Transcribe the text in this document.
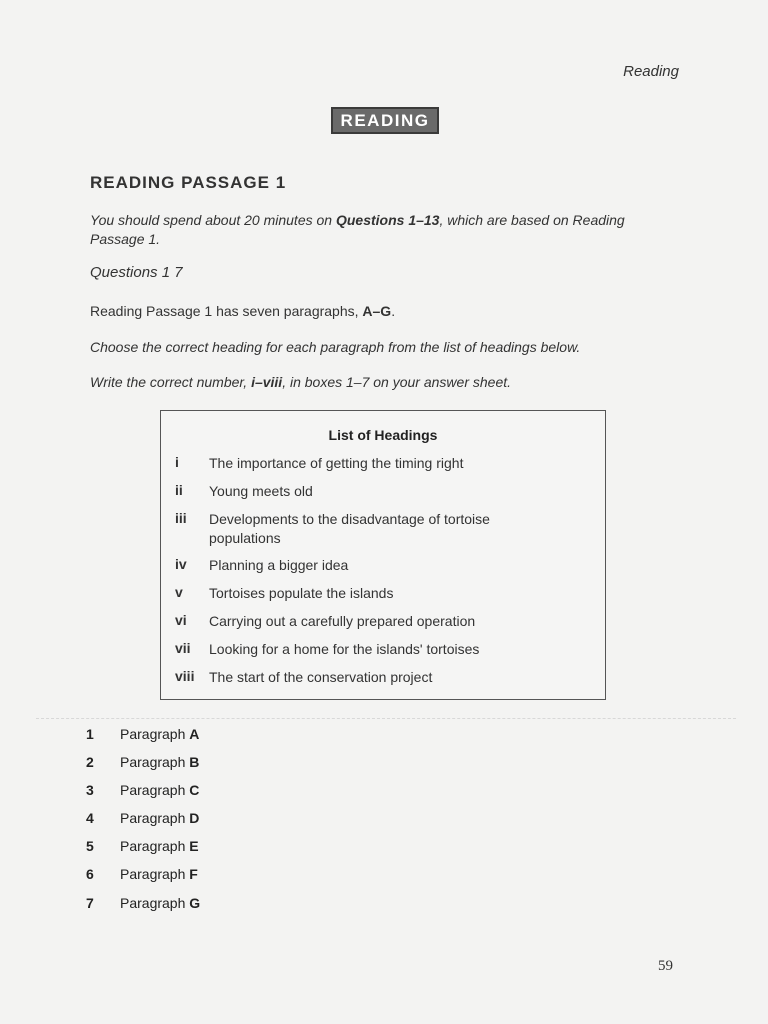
Reading
READING
READING PASSAGE 1
You should spend about 20 minutes on Questions 1–13, which are based on Reading Passage 1.
Questions 1 7
Reading Passage 1 has seven paragraphs, A–G.
Choose the correct heading for each paragraph from the list of headings below.
Write the correct number, i–viii, in boxes 1–7 on your answer sheet.
List of Headings
i	The importance of getting the timing right
ii	Young meets old
iii	Developments to the disadvantage of tortoise populations
iv	Planning a bigger idea
v	Tortoises populate the islands
vi	Carrying out a carefully prepared operation
vii	Looking for a home for the islands' tortoises
viii	The start of the conservation project
1	Paragraph A
2	Paragraph B
3	Paragraph C
4	Paragraph D
5	Paragraph E
6	Paragraph F
7	Paragraph G
59
